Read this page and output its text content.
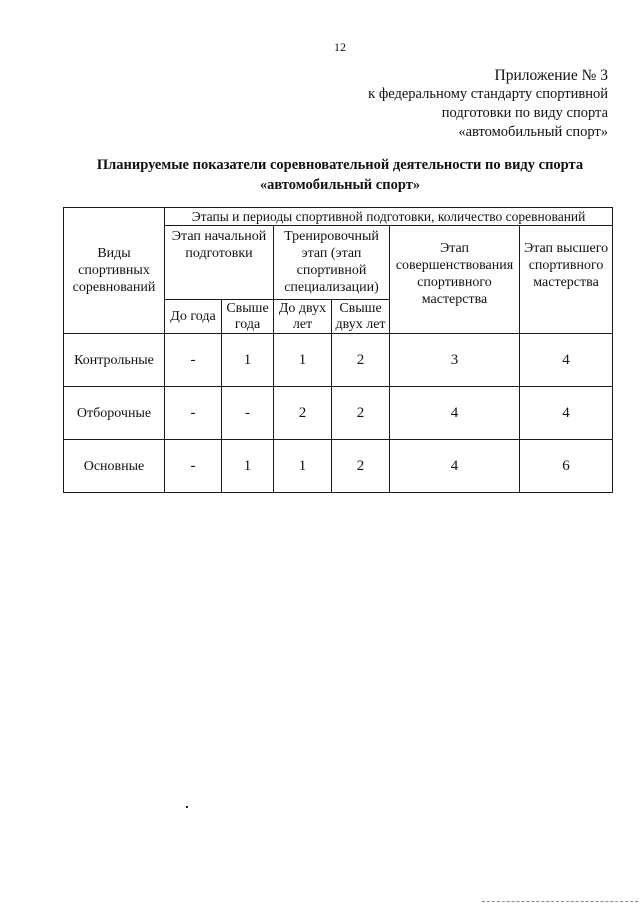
12
Приложение № 3
к федеральному стандарту спортивной
подготовки по виду спорта
«автомобильный спорт»
Планируемые показатели соревновательной деятельности по виду спорта
«автомобильный спорт»
Виды спортивных соревнований	Этапы и периоды спортивной подготовки, количество соревнований					
	Этап начальной подготовки		Тренировочный этап (этап спортивной специализации)		Этап совершенствования спортивного мастерства	Этап высшего спортивного мастерства
	До года	Свыше года	До двух лет	Свыше двух лет		
Контрольные	-	1	1	2	3	4
Отборочные	-	-	2	2	4	4
Основные	-	1	1	2	4	6
